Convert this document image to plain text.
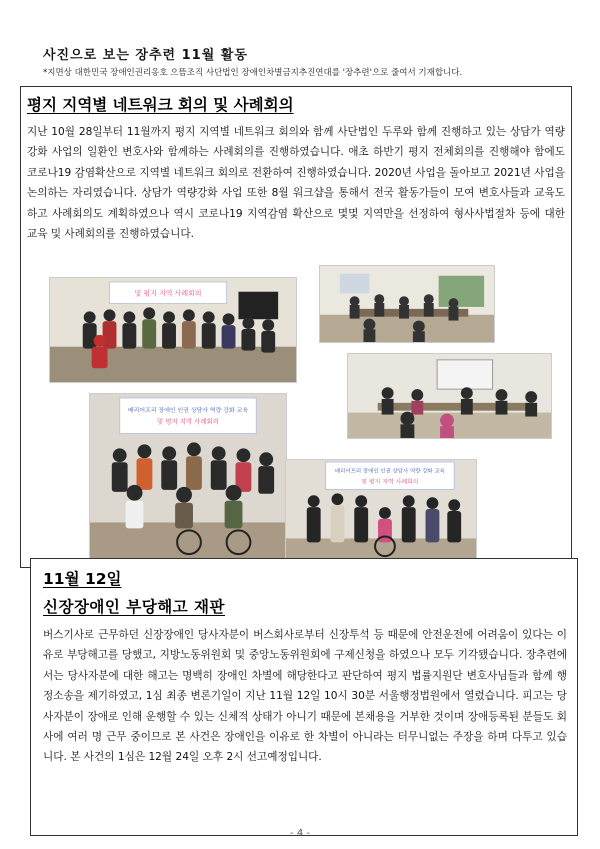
사진으로 보는 장추련 11월 활동
*지면상 대한민국 장애인권리옹호 으뜸조직 사단법인 장애인차별금지추진연대를 '장추련'으로 줄여서 기재합니다.
평지 지역별 네트워크 회의 및 사례회의
지난 10월 28일부터 11월까지 평지 지역별 네트워크 회의와 함께 사단법인 두루와 함께 진행하고 있는 상담가 역량강화 사업의 일환인 변호사와 함께하는 사례회의를 진행하였습니다. 애초 하반기 평지 전체회의를 진행해야 함에도 코로나19 감염확산으로 지역별 네트워크 회의로 전환하여 진행하였습니다. 2020년 사업을 돌아보고 2021년 사업을 논의하는 자리였습니다. 상담가 역량강화 사업 또한 8월 워크샵을 통해서 전국 활동가들이 모여 변호사들과 교육도 하고 사례회의도 계획하였으나 역시 코로나19 지역감염 확산으로 몇몇 지역만을 선정하여 형사사법절차 등에 대한 교육 및 사례회의를 진행하였습니다.
및 평지 지역 사례회의
배리어프리 장애인 인권 상담사 역량 강화 교육
및 평지 지역 사례회의
배리어프리 장애인 인권 상담사 역량 강화 교육
및 평지 지역 사례회의
11월 12일
신장장애인 부당해고 재판
버스기사로 근무하던 신장장애인 당사자분이 버스회사로부터 신장투석 등 때문에 안전운전에 어려움이 있다는 이유로 부당해고를 당했고, 지방노동위원회 및 중앙노동위원회에 구제신청을 하였으나 모두 기각됐습니다. 장추련에서는 당사자분에 대한 해고는 명백히 장애인 차별에 해당한다고 판단하여 평지 법률지원단 변호사님들과 함께 행정소송을 제기하였고, 1심 최종 변론기일이 지난 11월 12일 10시 30분 서울행정법원에서 열렸습니다. 피고는 당사자분이 장애로 인해 운행할 수 있는 신체적 상태가 아니기 때문에 본채용을 거부한 것이며 장애등록된 분들도 회사에 여러 명 근무 중이므로 본 사건은 장애인을 이유로 한 차별이 아니라는 터무니없는 주장을 하며 다투고 있습니다. 본 사건의 1심은 12월 24일 오후 2시 선고예정입니다.
- 4 -
